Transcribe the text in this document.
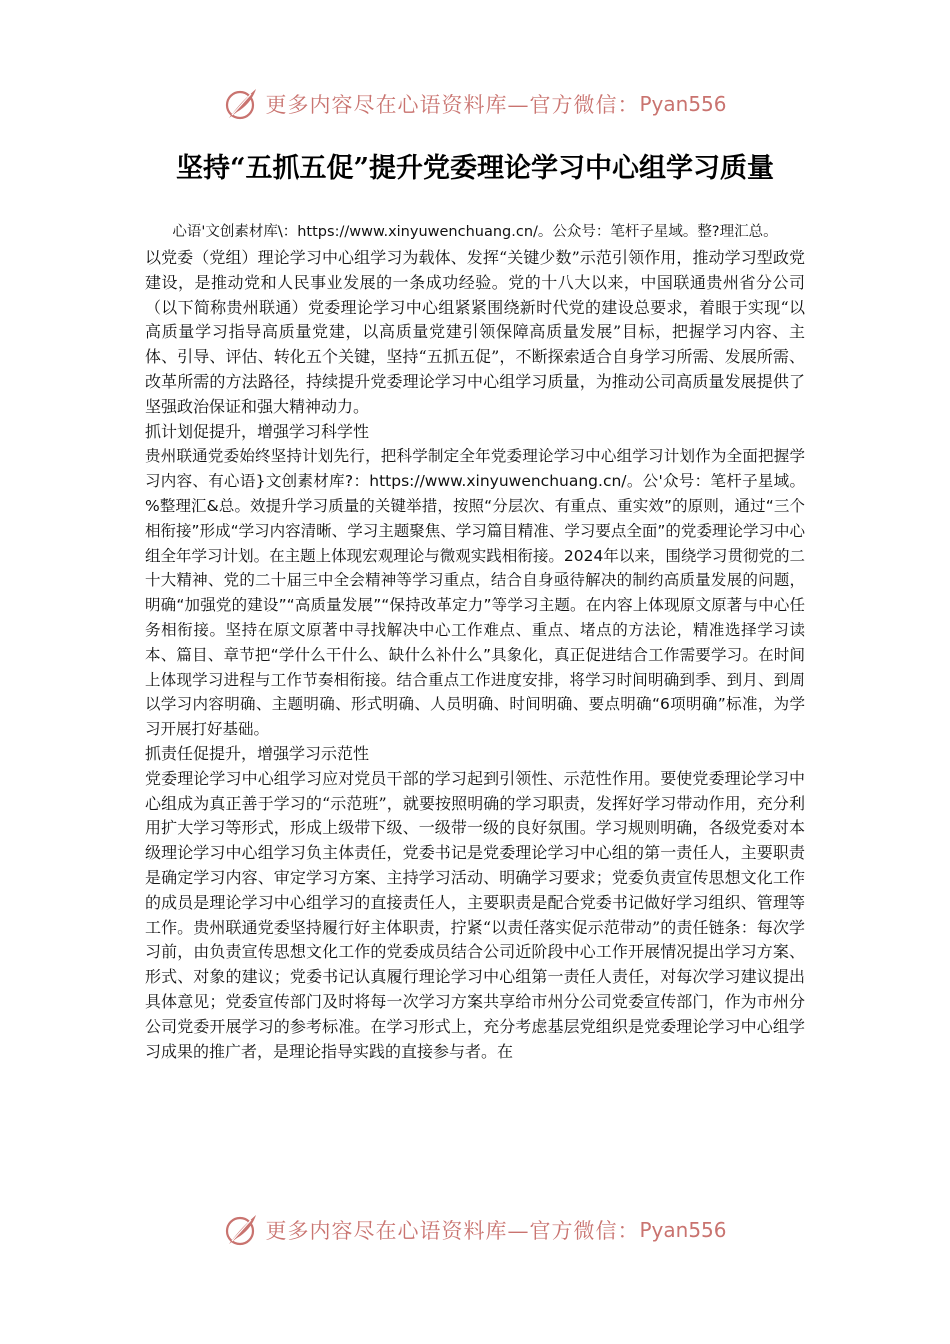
更多内容尽在心语资料库—官方微信： Pyan556
坚持“五抓五促”提升党委理论学习中心组学习质量

心语'文创素材库\：https://www.xinyuwenchuang.cn/。公众号：笔杆子星域。整?理汇总。

以党委（党组）理论学习中心组学习为载体、发挥“关键少数”示范引领作用，推动学习型政党建设，是推动党和人民事业发展的一条成功经验。党的十八大以来，中国联通贵州省分公司（以下简称贵州联通）党委理论学习中心组紧紧围绕新时代党的建设总要求，着眼于实现“以高质量学习指导高质量党建，以高质量党建引领保障高质量发展”目标，把握学习内容、主体、引导、评估、转化五个关键，坚持“五抓五促”，不断探索适合自身学习所需、发展所需、改革所需的方法路径，持续提升党委理论学习中心组学习质量，为推动公司高质量发展提供了坚强政治保证和强大精神动力。

抓计划促提升，增强学习科学性

贵州联通党委始终坚持计划先行，把科学制定全年党委理论学习中心组学习计划作为全面把握学习内容、有心语}文创素材库?：https://www.xinyuwenchuang.cn/。公'众号：笔杆子星域。%整理汇&总。效提升学习质量的关键举措，按照“分层次、有重点、重实效”的原则，通过“三个相衔接”形成“学习内容清晰、学习主题聚焦、学习篇目精准、学习要点全面”的党委理论学习中心组全年学习计划。在主题上体现宏观理论与微观实践相衔接。2024年以来，围绕学习贯彻党的二十大精神、党的二十届三中全会精神等学习重点，结合自身亟待解决的制约高质量发展的问题，明确“加强党的建设”“高质量发展”“保持改革定力”等学习主题。在内容上体现原文原著与中心任务相衔接。坚持在原文原著中寻找解决中心工作难点、重点、堵点的方法论，精准选择学习读本、篇目、章节把“学什么干什么、缺什么补什么”具象化，真正促进结合工作需要学习。在时间上体现学习进程与工作节奏相衔接。结合重点工作进度安排，将学习时间明确到季、到月、到周以学习内容明确、主题明确、形式明确、人员明确、时间明确、要点明确“6项明确”标准，为学习开展打好基础。

抓责任促提升，增强学习示范性

党委理论学习中心组学习应对党员干部的学习起到引领性、示范性作用。要使党委理论学习中心组成为真正善于学习的“示范班”，就要按照明确的学习职责，发挥好学习带动作用，充分利用扩大学习等形式，形成上级带下级、一级带一级的良好氛围。学习规则明确，各级党委对本级理论学习中心组学习负主体责任，党委书记是党委理论学习中心组的第一责任人，主要职责是确定学习内容、审定学习方案、主持学习活动、明确学习要求；党委负责宣传思想文化工作的成员是理论学习中心组学习的直接责任人，主要职责是配合党委书记做好学习组织、管理等工作。贵州联通党委坚持履行好主体职责，拧紧“以责任落实促示范带动”的责任链条：每次学习前，由负责宣传思想文化工作的党委成员结合公司近阶段中心工作开展情况提出学习方案、形式、对象的建议；党委书记认真履行理论学习中心组第一责任人责任，对每次学习建议提出具体意见；党委宣传部门及时将每一次学习方案共享给市州分公司党委宣传部门，作为市州分公司党委开展学习的参考标准。在学习形式上，充分考虑基层党组织是党委理论学习中心组学习成果的推广者，是理论指导实践的直接参与者。在

更多内容尽在心语资料库—官方微信： Pyan556
